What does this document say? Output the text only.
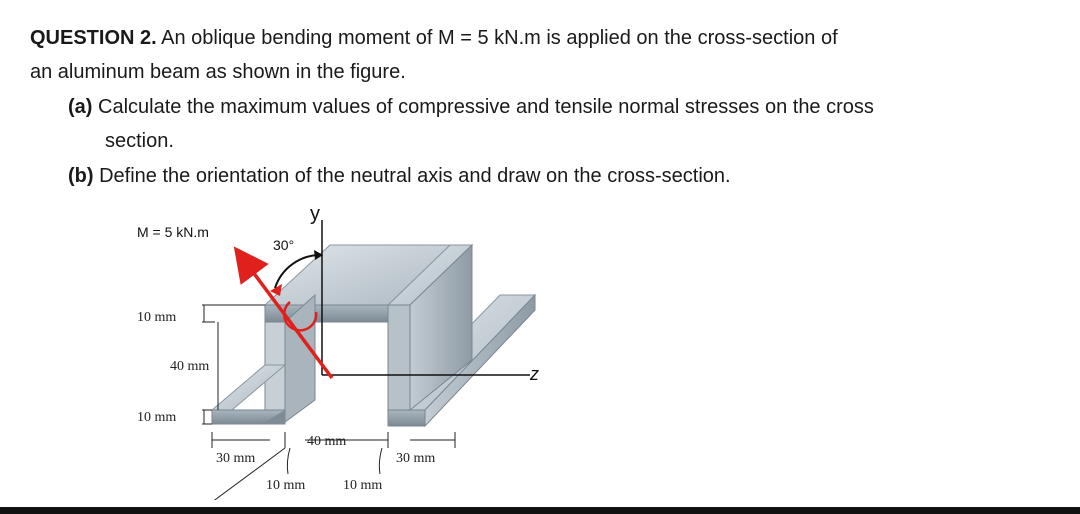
QUESTION 2. An oblique bending moment of M = 5 kN.m is applied on the cross-section of
an aluminum beam as shown in the figure.
(a) Calculate the maximum values of compressive and tensile normal stresses on the cross
section.
(b) Define the orientation of the neutral axis and draw on the cross-section.
y
z
30°
M = 5 kN.m
10 mm
40 mm
10 mm
30 mm
40 mm
30 mm
10 mm	10 mm
